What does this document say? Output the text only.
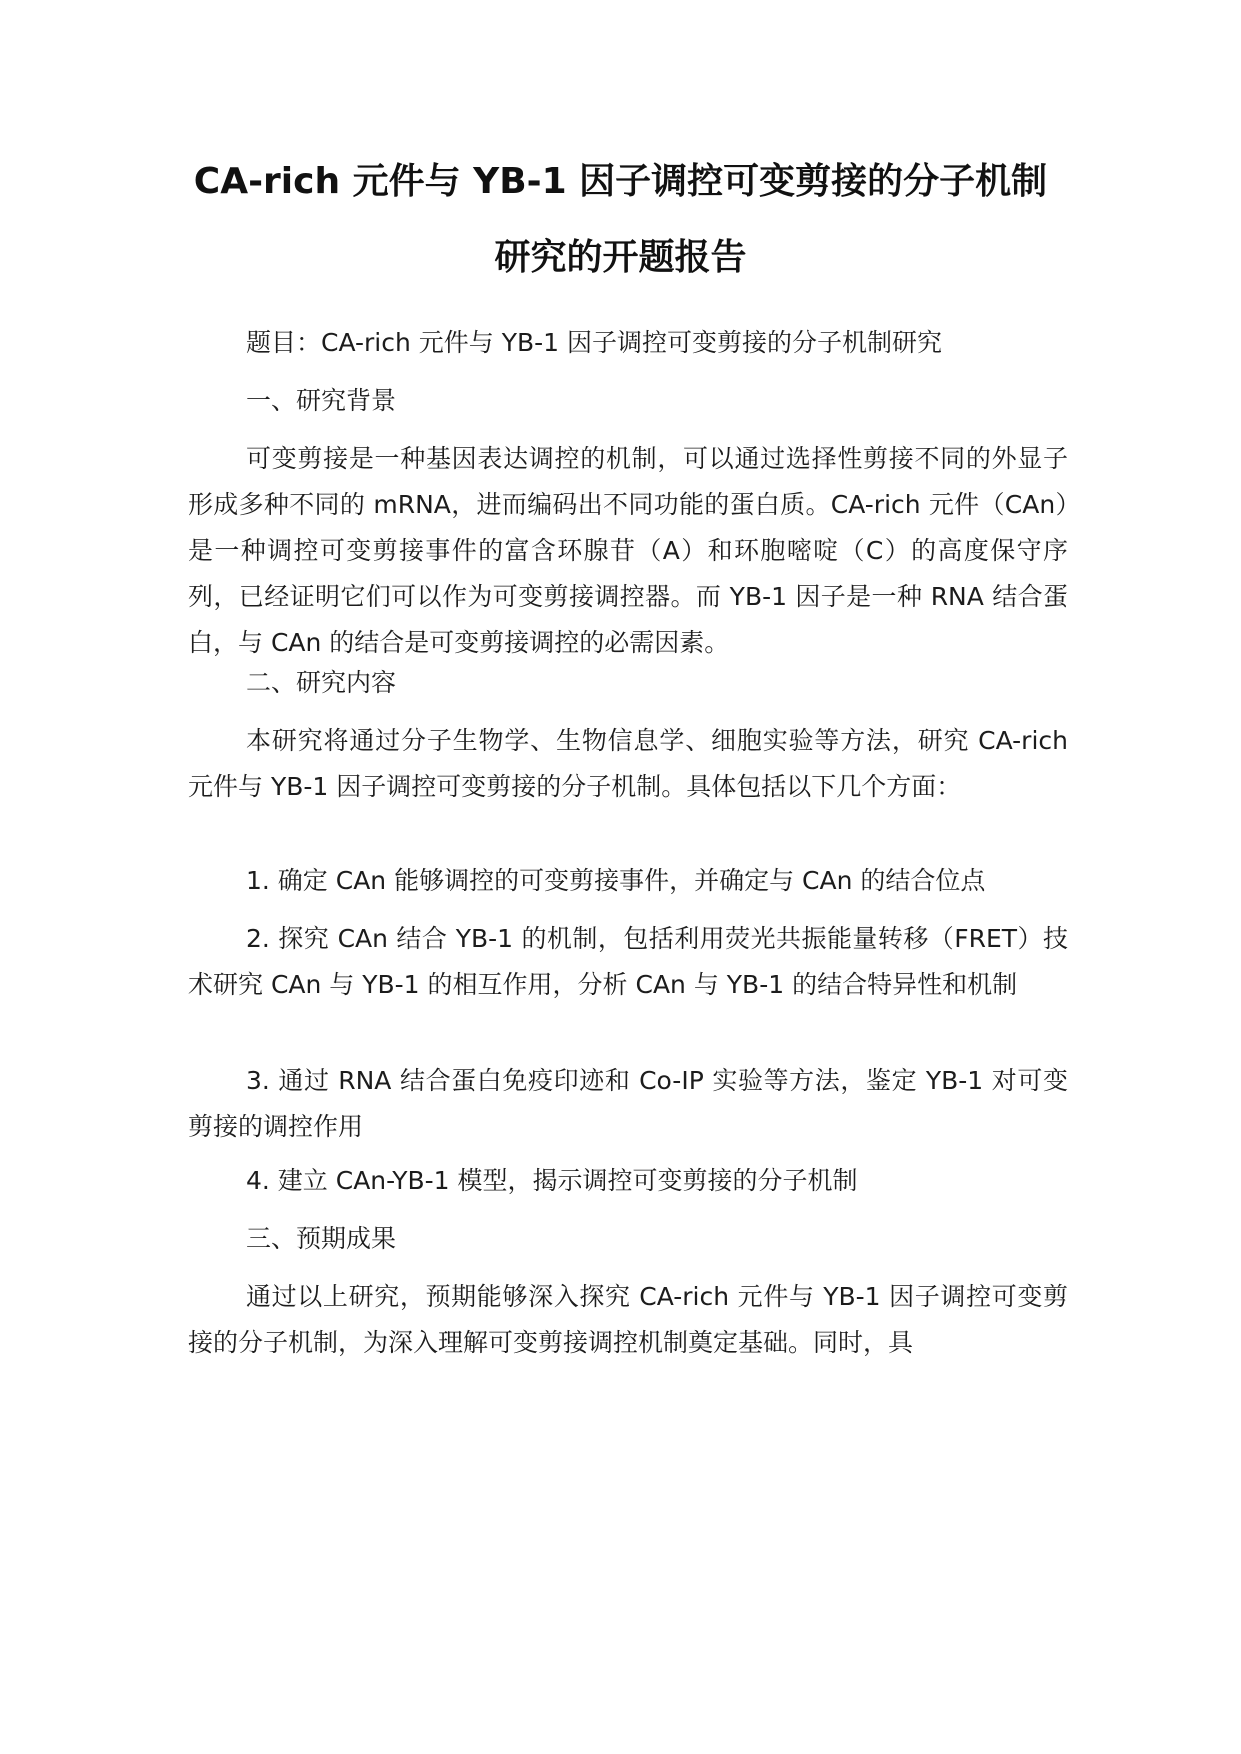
CA-rich 元件与 YB-1 因子调控可变剪接的分子机制
研究的开题报告

题目：CA-rich 元件与 YB-1 因子调控可变剪接的分子机制研究

一、研究背景

可变剪接是一种基因表达调控的机制，可以通过选择性剪接不同的外显子形成多种不同的 mRNA，进而编码出不同功能的蛋白质。CA-rich 元件（CAn）是一种调控可变剪接事件的富含环腺苷（A）和环胞嘧啶（C）的高度保守序列，已经证明它们可以作为可变剪接调控器。而 YB-1 因子是一种 RNA 结合蛋白，与 CAn 的结合是可变剪接调控的必需因素。

二、研究内容

本研究将通过分子生物学、生物信息学、细胞实验等方法，研究 CA-rich 元件与 YB-1 因子调控可变剪接的分子机制。具体包括以下几个方面：

1. 确定 CAn 能够调控的可变剪接事件，并确定与 CAn 的结合位点

2. 探究 CAn 结合 YB-1 的机制，包括利用荧光共振能量转移（FRET）技术研究 CAn 与 YB-1 的相互作用，分析 CAn 与 YB-1 的结合特异性和机制

3. 通过 RNA 结合蛋白免疫印迹和 Co-IP 实验等方法，鉴定 YB-1 对可变剪接的调控作用

4. 建立 CAn-YB-1 模型，揭示调控可变剪接的分子机制

三、预期成果

通过以上研究，预期能够深入探究 CA-rich 元件与 YB-1 因子调控可变剪接的分子机制，为深入理解可变剪接调控机制奠定基础。同时，具
